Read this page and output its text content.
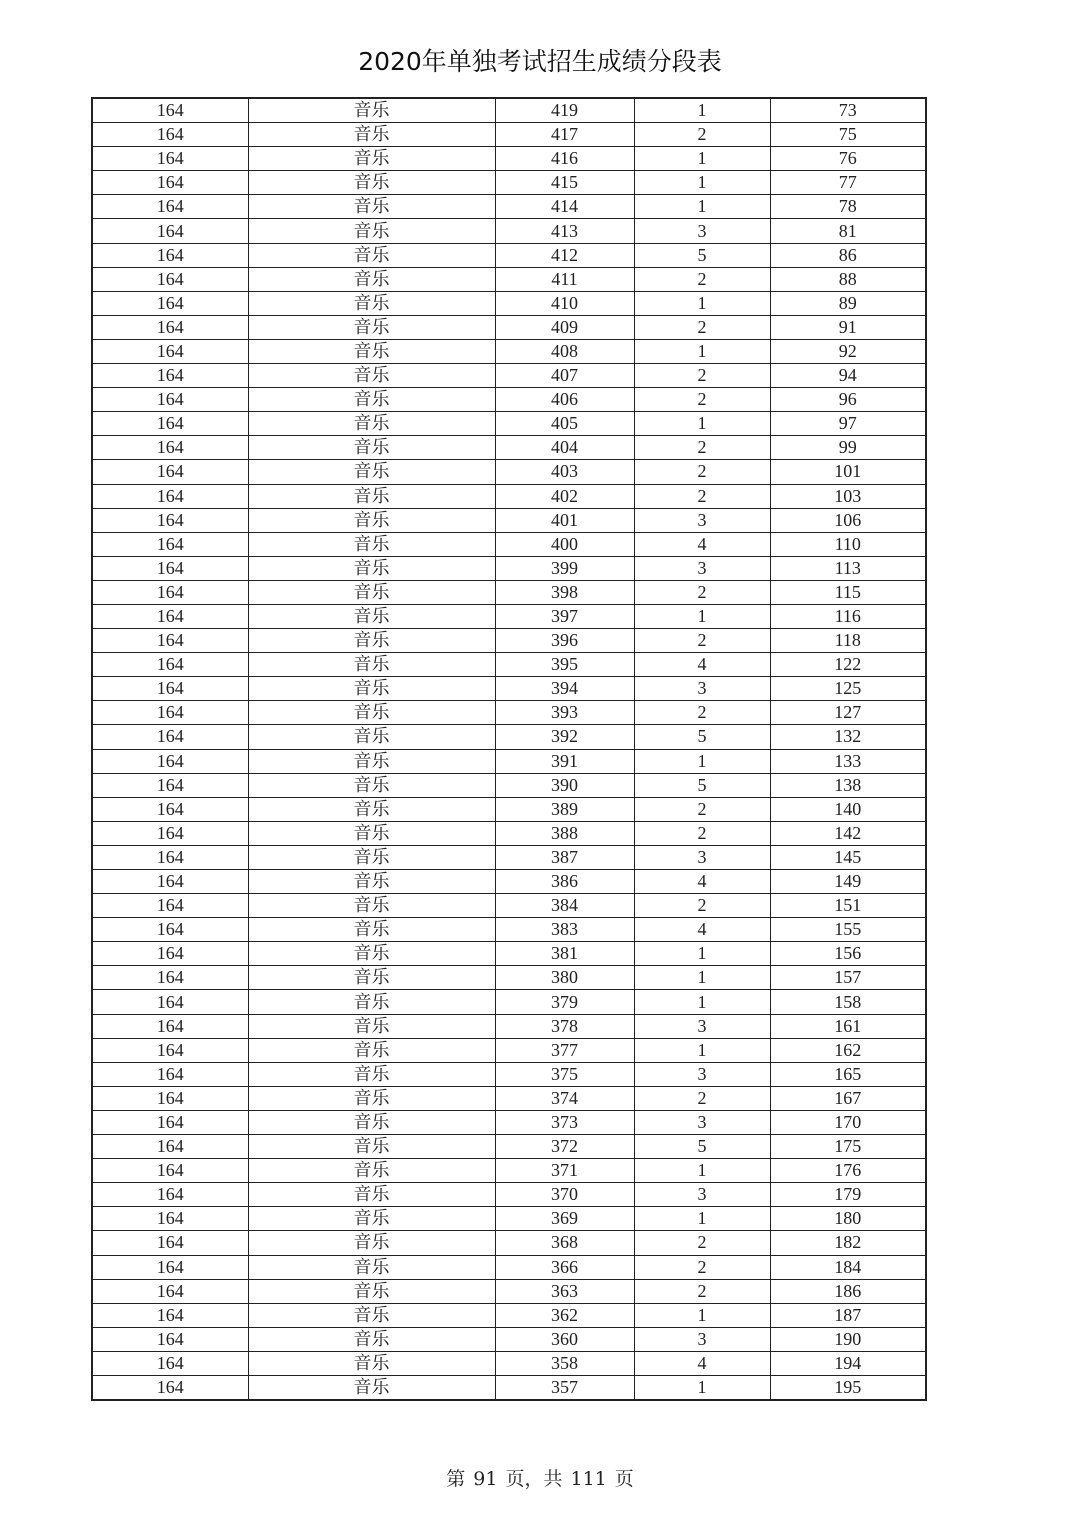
2020年单独考试招生成绩分段表
164	音乐	419	1	73
164	音乐	417	2	75
164	音乐	416	1	76
164	音乐	415	1	77
164	音乐	414	1	78
164	音乐	413	3	81
164	音乐	412	5	86
164	音乐	411	2	88
164	音乐	410	1	89
164	音乐	409	2	91
164	音乐	408	1	92
164	音乐	407	2	94
164	音乐	406	2	96
164	音乐	405	1	97
164	音乐	404	2	99
164	音乐	403	2	101
164	音乐	402	2	103
164	音乐	401	3	106
164	音乐	400	4	110
164	音乐	399	3	113
164	音乐	398	2	115
164	音乐	397	1	116
164	音乐	396	2	118
164	音乐	395	4	122
164	音乐	394	3	125
164	音乐	393	2	127
164	音乐	392	5	132
164	音乐	391	1	133
164	音乐	390	5	138
164	音乐	389	2	140
164	音乐	388	2	142
164	音乐	387	3	145
164	音乐	386	4	149
164	音乐	384	2	151
164	音乐	383	4	155
164	音乐	381	1	156
164	音乐	380	1	157
164	音乐	379	1	158
164	音乐	378	3	161
164	音乐	377	1	162
164	音乐	375	3	165
164	音乐	374	2	167
164	音乐	373	3	170
164	音乐	372	5	175
164	音乐	371	1	176
164	音乐	370	3	179
164	音乐	369	1	180
164	音乐	368	2	182
164	音乐	366	2	184
164	音乐	363	2	186
164	音乐	362	1	187
164	音乐	360	3	190
164	音乐	358	4	194
164	音乐	357	1	195
第 91 页，共 111 页
